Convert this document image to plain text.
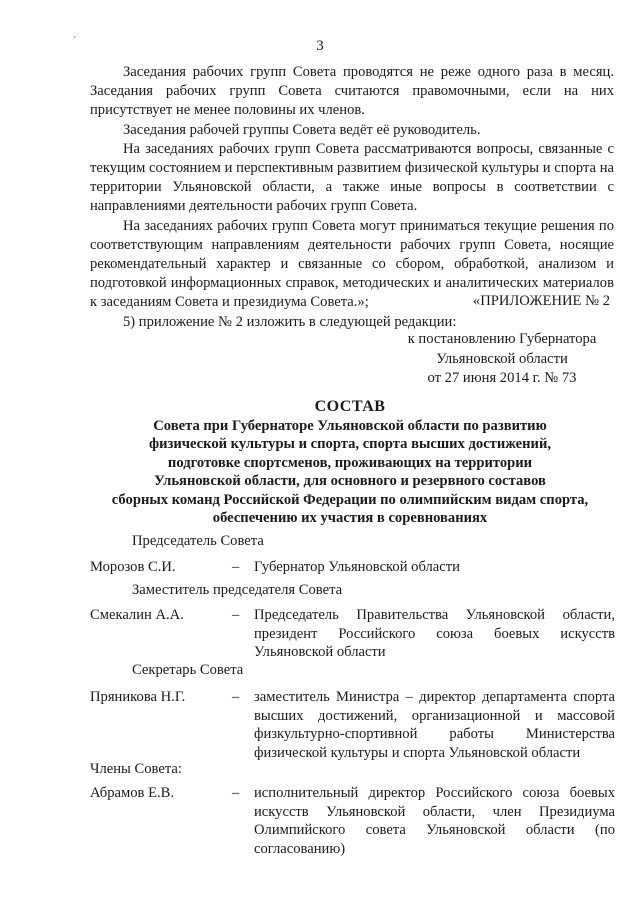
`	3

Заседания рабочих групп Совета проводятся не реже одного раза в месяц. Заседания рабочих групп Совета считаются правомочными, если на них присутствует не менее половины их членов.

Заседания рабочей группы Совета ведёт её руководитель.

На заседаниях рабочих групп Совета рассматриваются вопросы, связанные с текущим состоянием и перспективным развитием физической культуры и спорта на территории Ульяновской области, а также иные вопросы в соответствии с направлениями деятельности рабочих групп Совета.

На заседаниях рабочих групп Совета могут приниматься текущие решения по соответствующим направлениям деятельности рабочих групп Совета, носящие рекомендательный характер и связанные со сбором, обработкой, анализом и подготовкой информационных справок, методических и аналитических материалов к заседаниям Совета и президиума Совета.»;

5) приложение № 2 изложить в следующей редакции:

«ПРИЛОЖЕНИЕ № 2
к постановлению Губернатора
Ульяновской области
от 27 июня 2014 г. № 73
СОСТАВ
Совета при Губернаторе Ульяновской области по развитию
физической культуры и спорта, спорта высших достижений,
подготовке спортсменов, проживающих на территории
Ульяновской области, для основного и резервного составов
сборных команд Российской Федерации по олимпийским видам спорта,
обеспечению их участия в соревнованиях
Председатель Совета
Морозов С.И.	– Губернатор Ульяновской области
Заместитель председателя Совета
Смекалин А.А.	– Председатель Правительства Ульяновской области, президент Российского союза боевых искусств Ульяновской области
Секретарь Совета
Пряникова Н.Г.	– заместитель Министра – директор департамента спорта высших достижений, организационной и массовой физкультурно-спортивной работы Министерства физической культуры и спорта Ульяновской области
Члены Совета:
Абрамов Е.В.	– исполнительный директор Российского союза боевых искусств Ульяновской области, член Президиума Олимпийского совета Ульяновской области (по согласованию)
